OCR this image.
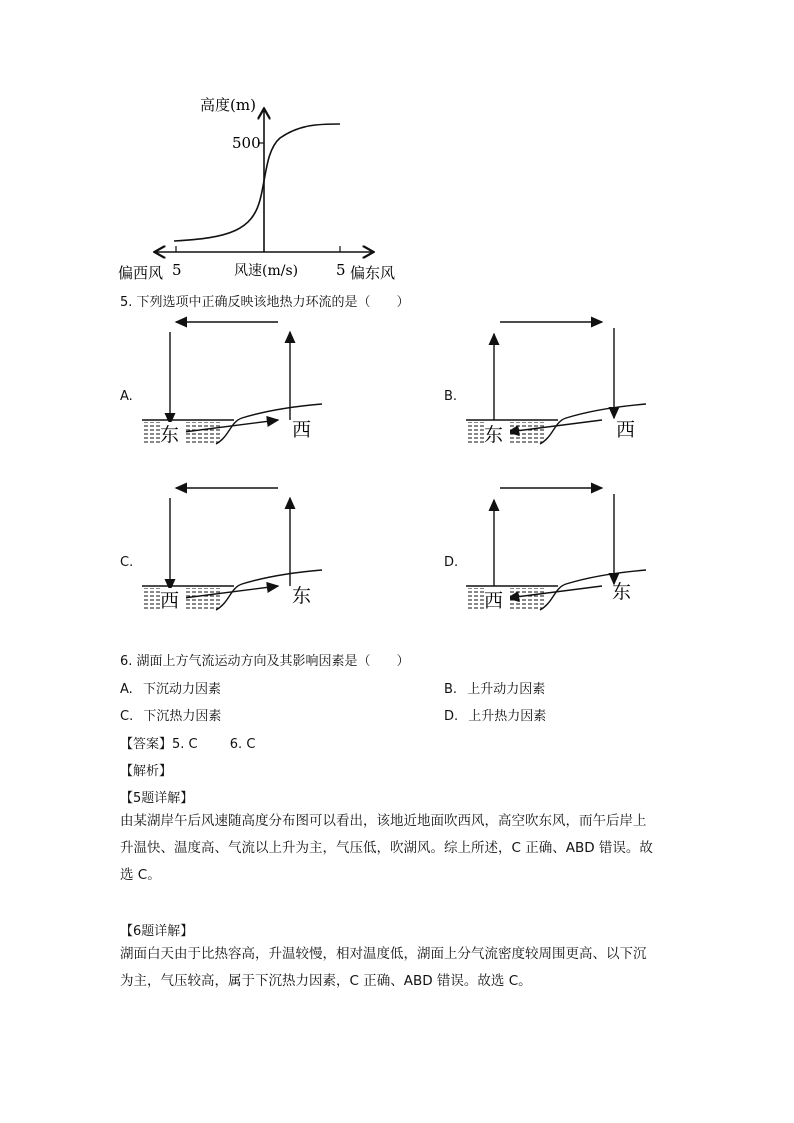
高度(m)
500
风速(m/s)
5	5
偏西风	偏东风
5. 下列选项中正确反映该地热力环流的是（　　）
A.
东	西
B.
东	西
C.
西	东
D.
西	东
6. 湖面上方气流运动方向及其影响因素是（　　）
A. 下沉动力因素	B. 上升动力因素
C. 下沉热力因素	D. 上升热力因素
【答案】5. C 6. C
【解析】
【5题详解】
由某湖岸午后风速随高度分布图可以看出，该地近地面吹西风，高空吹东风，而午后岸上
升温快、温度高、气流以上升为主，气压低，吹湖风。综上所述，C 正确、ABD 错误。故
选 C。
【6题详解】
湖面白天由于比热容高，升温较慢，相对温度低，湖面上分气流密度较周围更高、以下沉
为主，气压较高，属于下沉热力因素，C 正确、ABD 错误。故选 C。
